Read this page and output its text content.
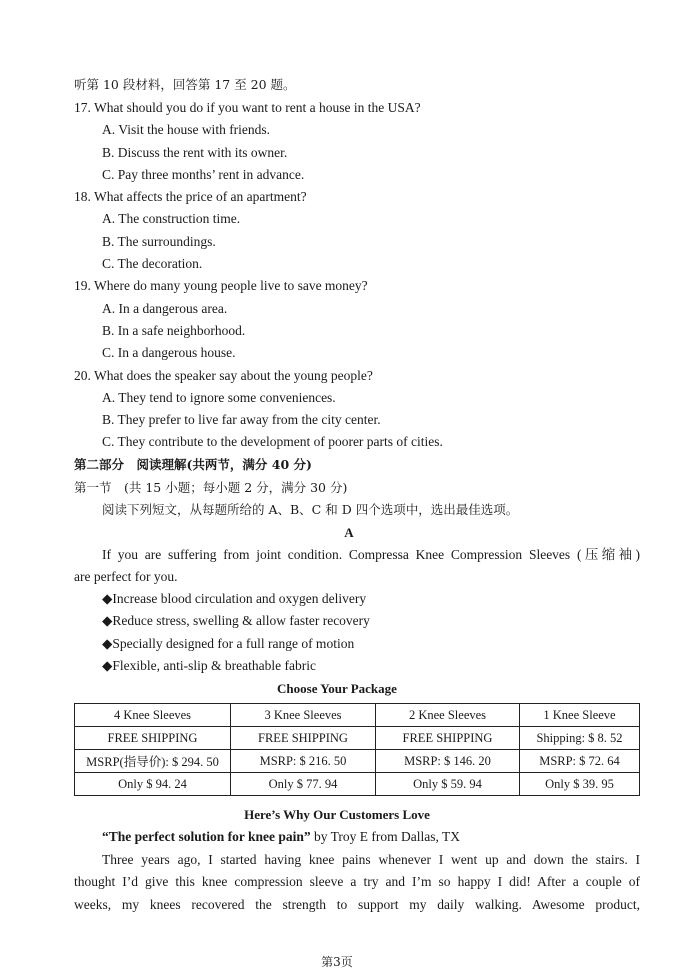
听第 10 段材料，回答第 17 至 20 题。
17. What should you do if you want to rent a house in the USA?
A. Visit the house with friends.
B. Discuss the rent with its owner.
C. Pay three months’ rent in advance.
18. What affects the price of an apartment?
A. The construction time.
B. The surroundings.
C. The decoration.
19. Where do many young people live to save money?
A. In a dangerous area.
B. In a safe neighborhood.
C. In a dangerous house.
20. What does the speaker say about the young people?
A. They tend to ignore some conveniences.
B. They prefer to live far away from the city center.
C. They contribute to the development of poorer parts of cities.
第二部分　阅读理解(共两节，满分 40 分)
第一节　(共 15 小题；每小题 2 分，满分 30 分)
阅读下列短文，从每题所给的 A、B、C 和 D 四个选项中，选出最佳选项。
A
If you are suffering from joint condition. Compressa Knee Compression Sleeves (压缩袖)
are perfect for you.
◆Increase blood circulation and oxygen delivery
◆Reduce stress, swelling & allow faster recovery
◆Specially designed for a full range of motion
◆Flexible, anti-slip & breathable fabric
Choose Your Package
4 Knee Sleeves	3 Knee Sleeves	2 Knee Sleeves	1 Knee Sleeve
FREE SHIPPING	FREE SHIPPING	FREE SHIPPING	Shipping: $ 8. 52
MSRP(指导价): $ 294. 50	MSRP: $ 216. 50	MSRP: $ 146. 20	MSRP: $ 72. 64
Only $ 94. 24	Only $ 77. 94	Only $ 59. 94	Only $ 39. 95
Here’s Why Our Customers Love
“The perfect solution for knee pain” by Troy E from Dallas, TX
Three years ago, I started having knee pains whenever I went up and down the stairs. I
thought I’d give this knee compression sleeve a try and I’m so happy I did! After a couple of
weeks, my knees recovered the strength to support my daily walking. Awesome product,
第3页
